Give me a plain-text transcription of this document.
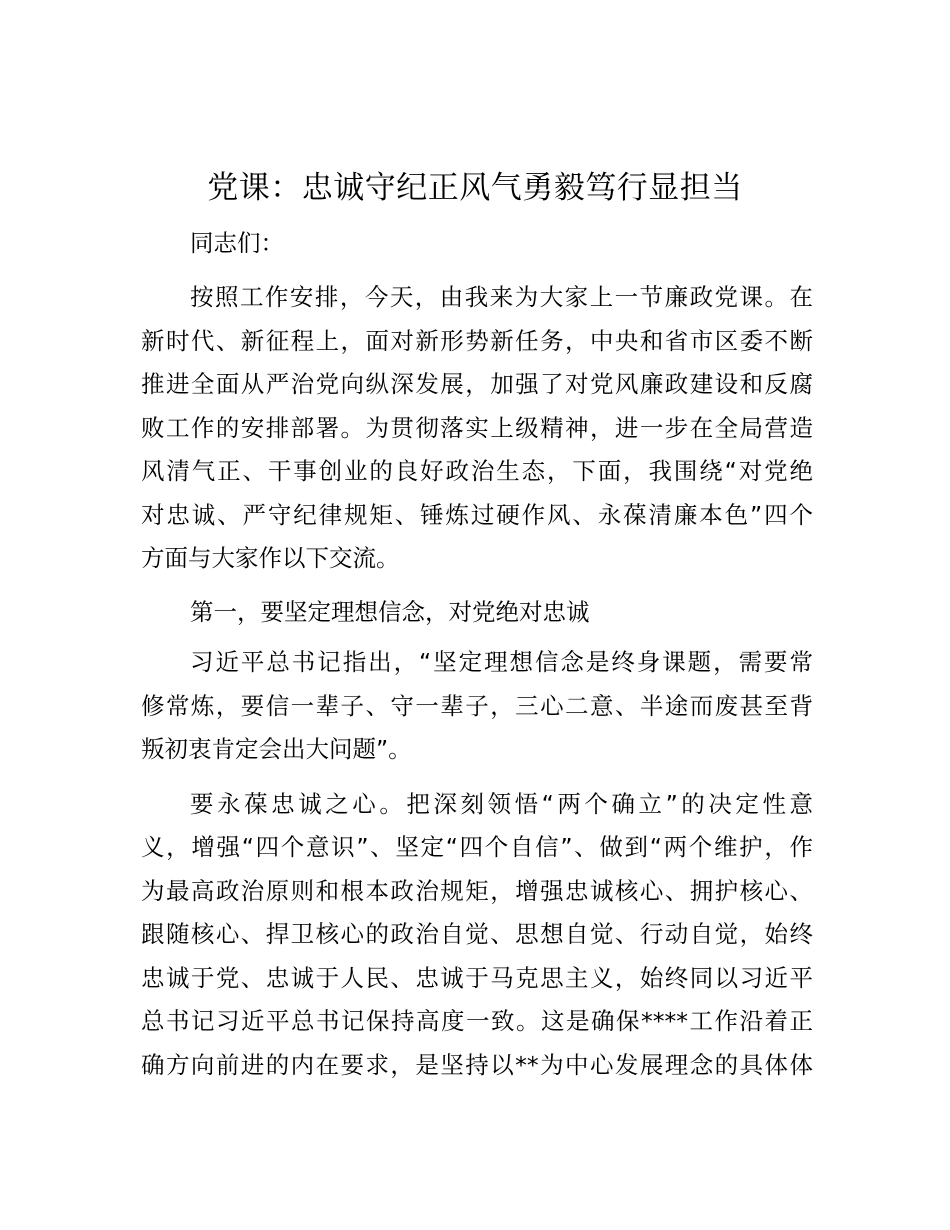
党课：忠诚守纪正风气勇毅笃行显担当
同志们：
按照工作安排，今天，由我来为大家上一节廉政党课。在
新时代、新征程上，面对新形势新任务，中央和省市区委不断
推进全面从严治党向纵深发展，加强了对党风廉政建设和反腐
败工作的安排部署。为贯彻落实上级精神，进一步在全局营造
风清气正、干事创业的良好政治生态，下面，我围绕“对党绝
对忠诚、严守纪律规矩、锤炼过硬作风、永葆清廉本色”四个
方面与大家作以下交流。
第一，要坚定理想信念，对党绝对忠诚
习近平总书记指出，“坚定理想信念是终身课题，需要常
修常炼，要信一辈子、守一辈子，三心二意、半途而废甚至背
叛初衷肯定会出大问题”。
要永葆忠诚之心。把深刻领悟“两个确立”的决定性意
义，增强“四个意识”、坚定“四个自信”、做到“两个维护，作
为最高政治原则和根本政治规矩，增强忠诚核心、拥护核心、
跟随核心、捍卫核心的政治自觉、思想自觉、行动自觉，始终
忠诚于党、忠诚于人民、忠诚于马克思主义，始终同以习近平
总书记习近平总书记保持高度一致。这是确保****工作沿着正
确方向前进的内在要求，是坚持以**为中心发展理念的具体体
